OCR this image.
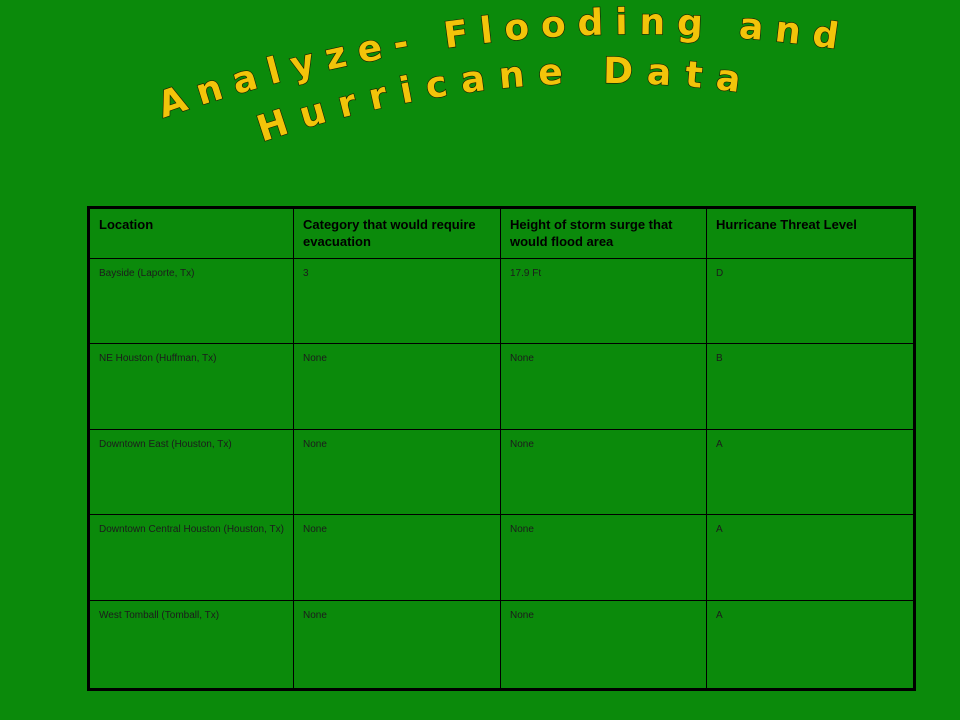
Analyze- Flooding and
Hurricane Data
Location	Category that would require evacuation	Height of storm surge that would flood area	Hurricane Threat Level
Bayside (Laporte, Tx)	3	17.9 Ft	D
NE Houston (Huffman, Tx)	None	None	B
Downtown East (Houston, Tx)	None	None	A
Downtown Central Houston (Houston, Tx)	None	None	A
West Tomball (Tomball, Tx)	None	None	A
